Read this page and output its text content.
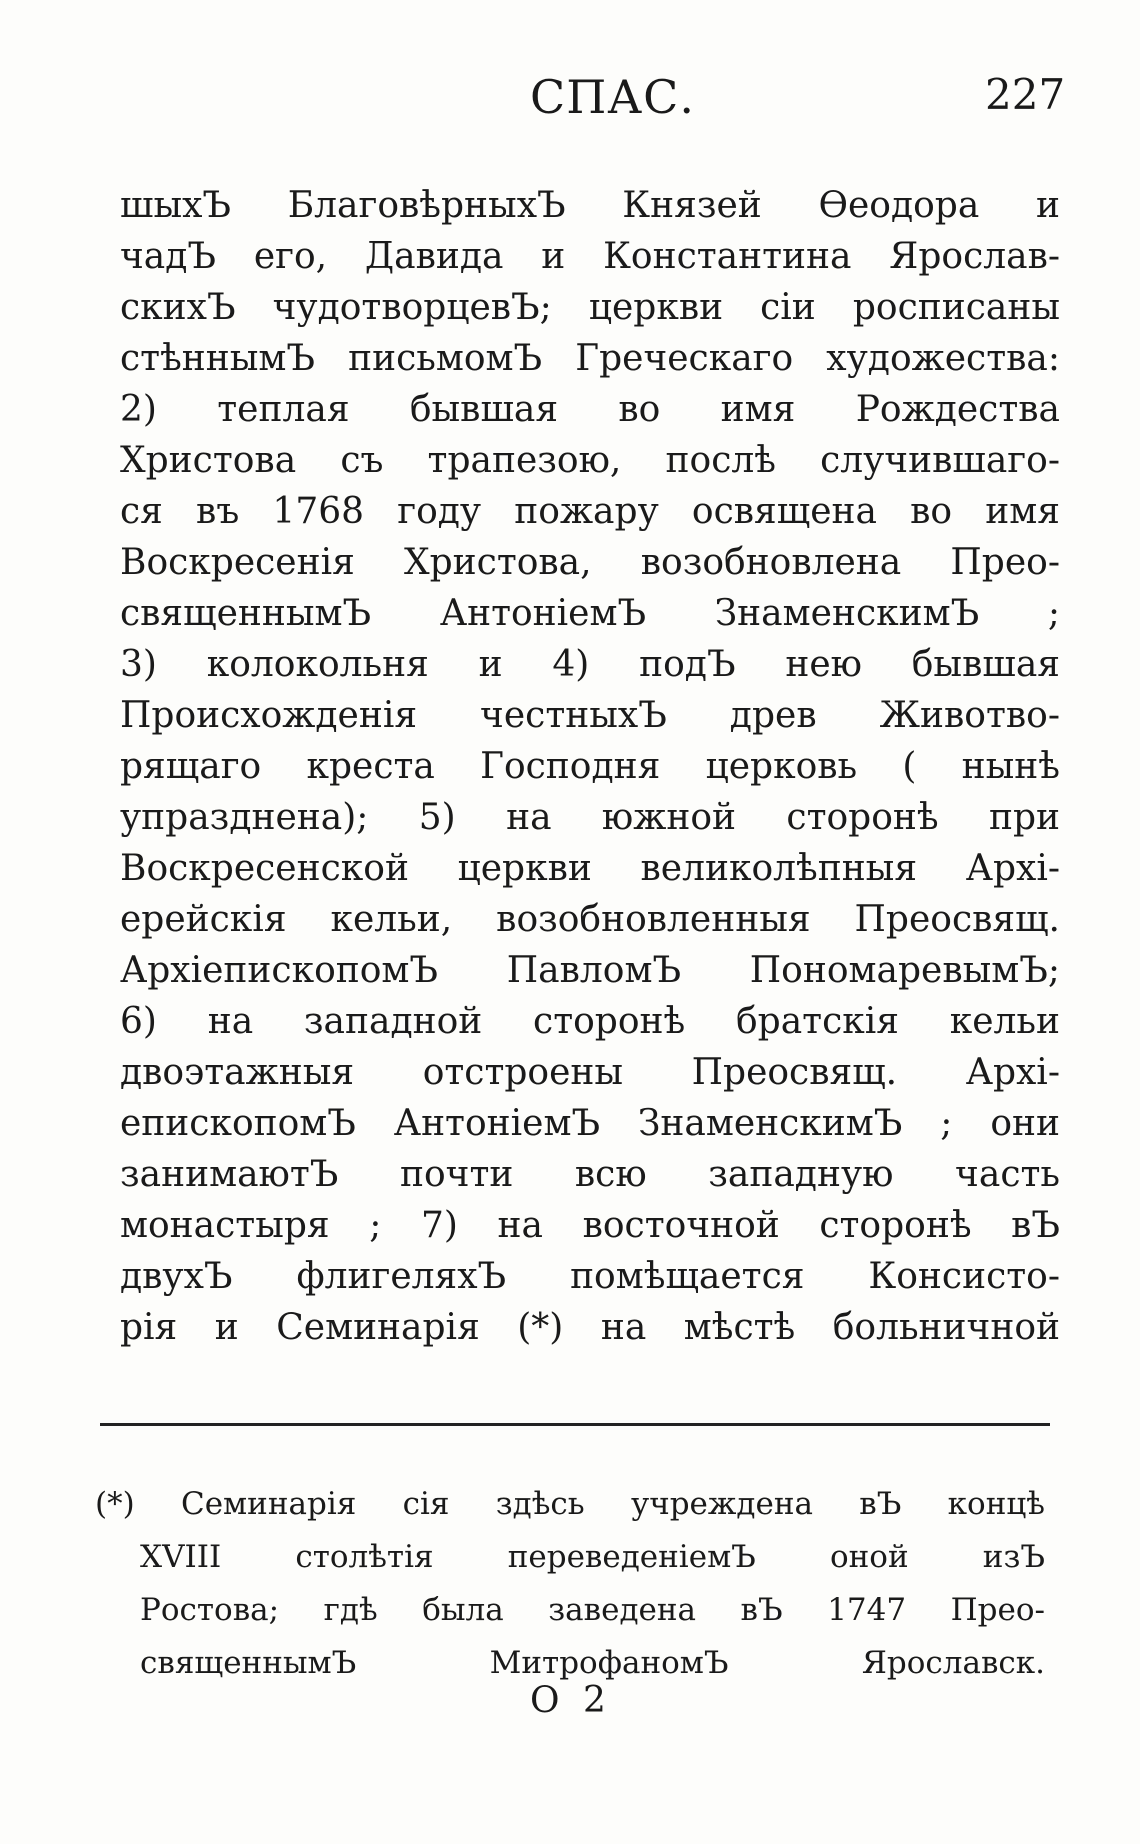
СПАС.	227
шыхЪ БлаговѣрныхЪ Князей Ѳеодора и
чадЪ его, Давида и Константина Ярослав-
скихЪ чудотворцевЪ; церкви сіи росписаны
стѣннымЪ письмомЪ Греческаго художества:
2) теплая бывшая во имя Рождества
Христова съ трапезою, послѣ случившаго-
ся въ 1768 году пожару освящена во имя
Воскресенія Христова, возобновлена Прео-
священнымЪ АнтоніемЪ ЗнаменскимЪ ;
3) колокольня и 4) подЪ нею бывшая
Происхожденія честныхЪ древ Животво-
рящаго креста Господня церковь ( нынѣ
упразднена); 5) на южной сторонѣ при
Воскресенской церкви великолѣпныя Архі-
ерейскія кельи, возобновленныя Преосвящ.
АрхіепископомЪ ПавломЪ ПономаревымЪ;
6) на западной сторонѣ братскія кельи
двоэтажныя отстроены Преосвящ. Архі-
епископомЪ АнтоніемЪ ЗнаменскимЪ ; они
занимаютЪ почти всю западную часть
монастыря ; 7) на восточной сторонѣ вЪ
двухЪ флигеляхЪ помѣщается Консисто-
рія и Семинарія (*) на мѣстѣ больничной
(*) Семинарія сія здѣсь учреждена вЪ концѣ
XVIII столѣтія переведеніемЪ оной изЪ
Ростова; гдѣ была заведена вЪ 1747 Прео-
священнымЪ МитрофаномЪ Ярославск.
О 2
